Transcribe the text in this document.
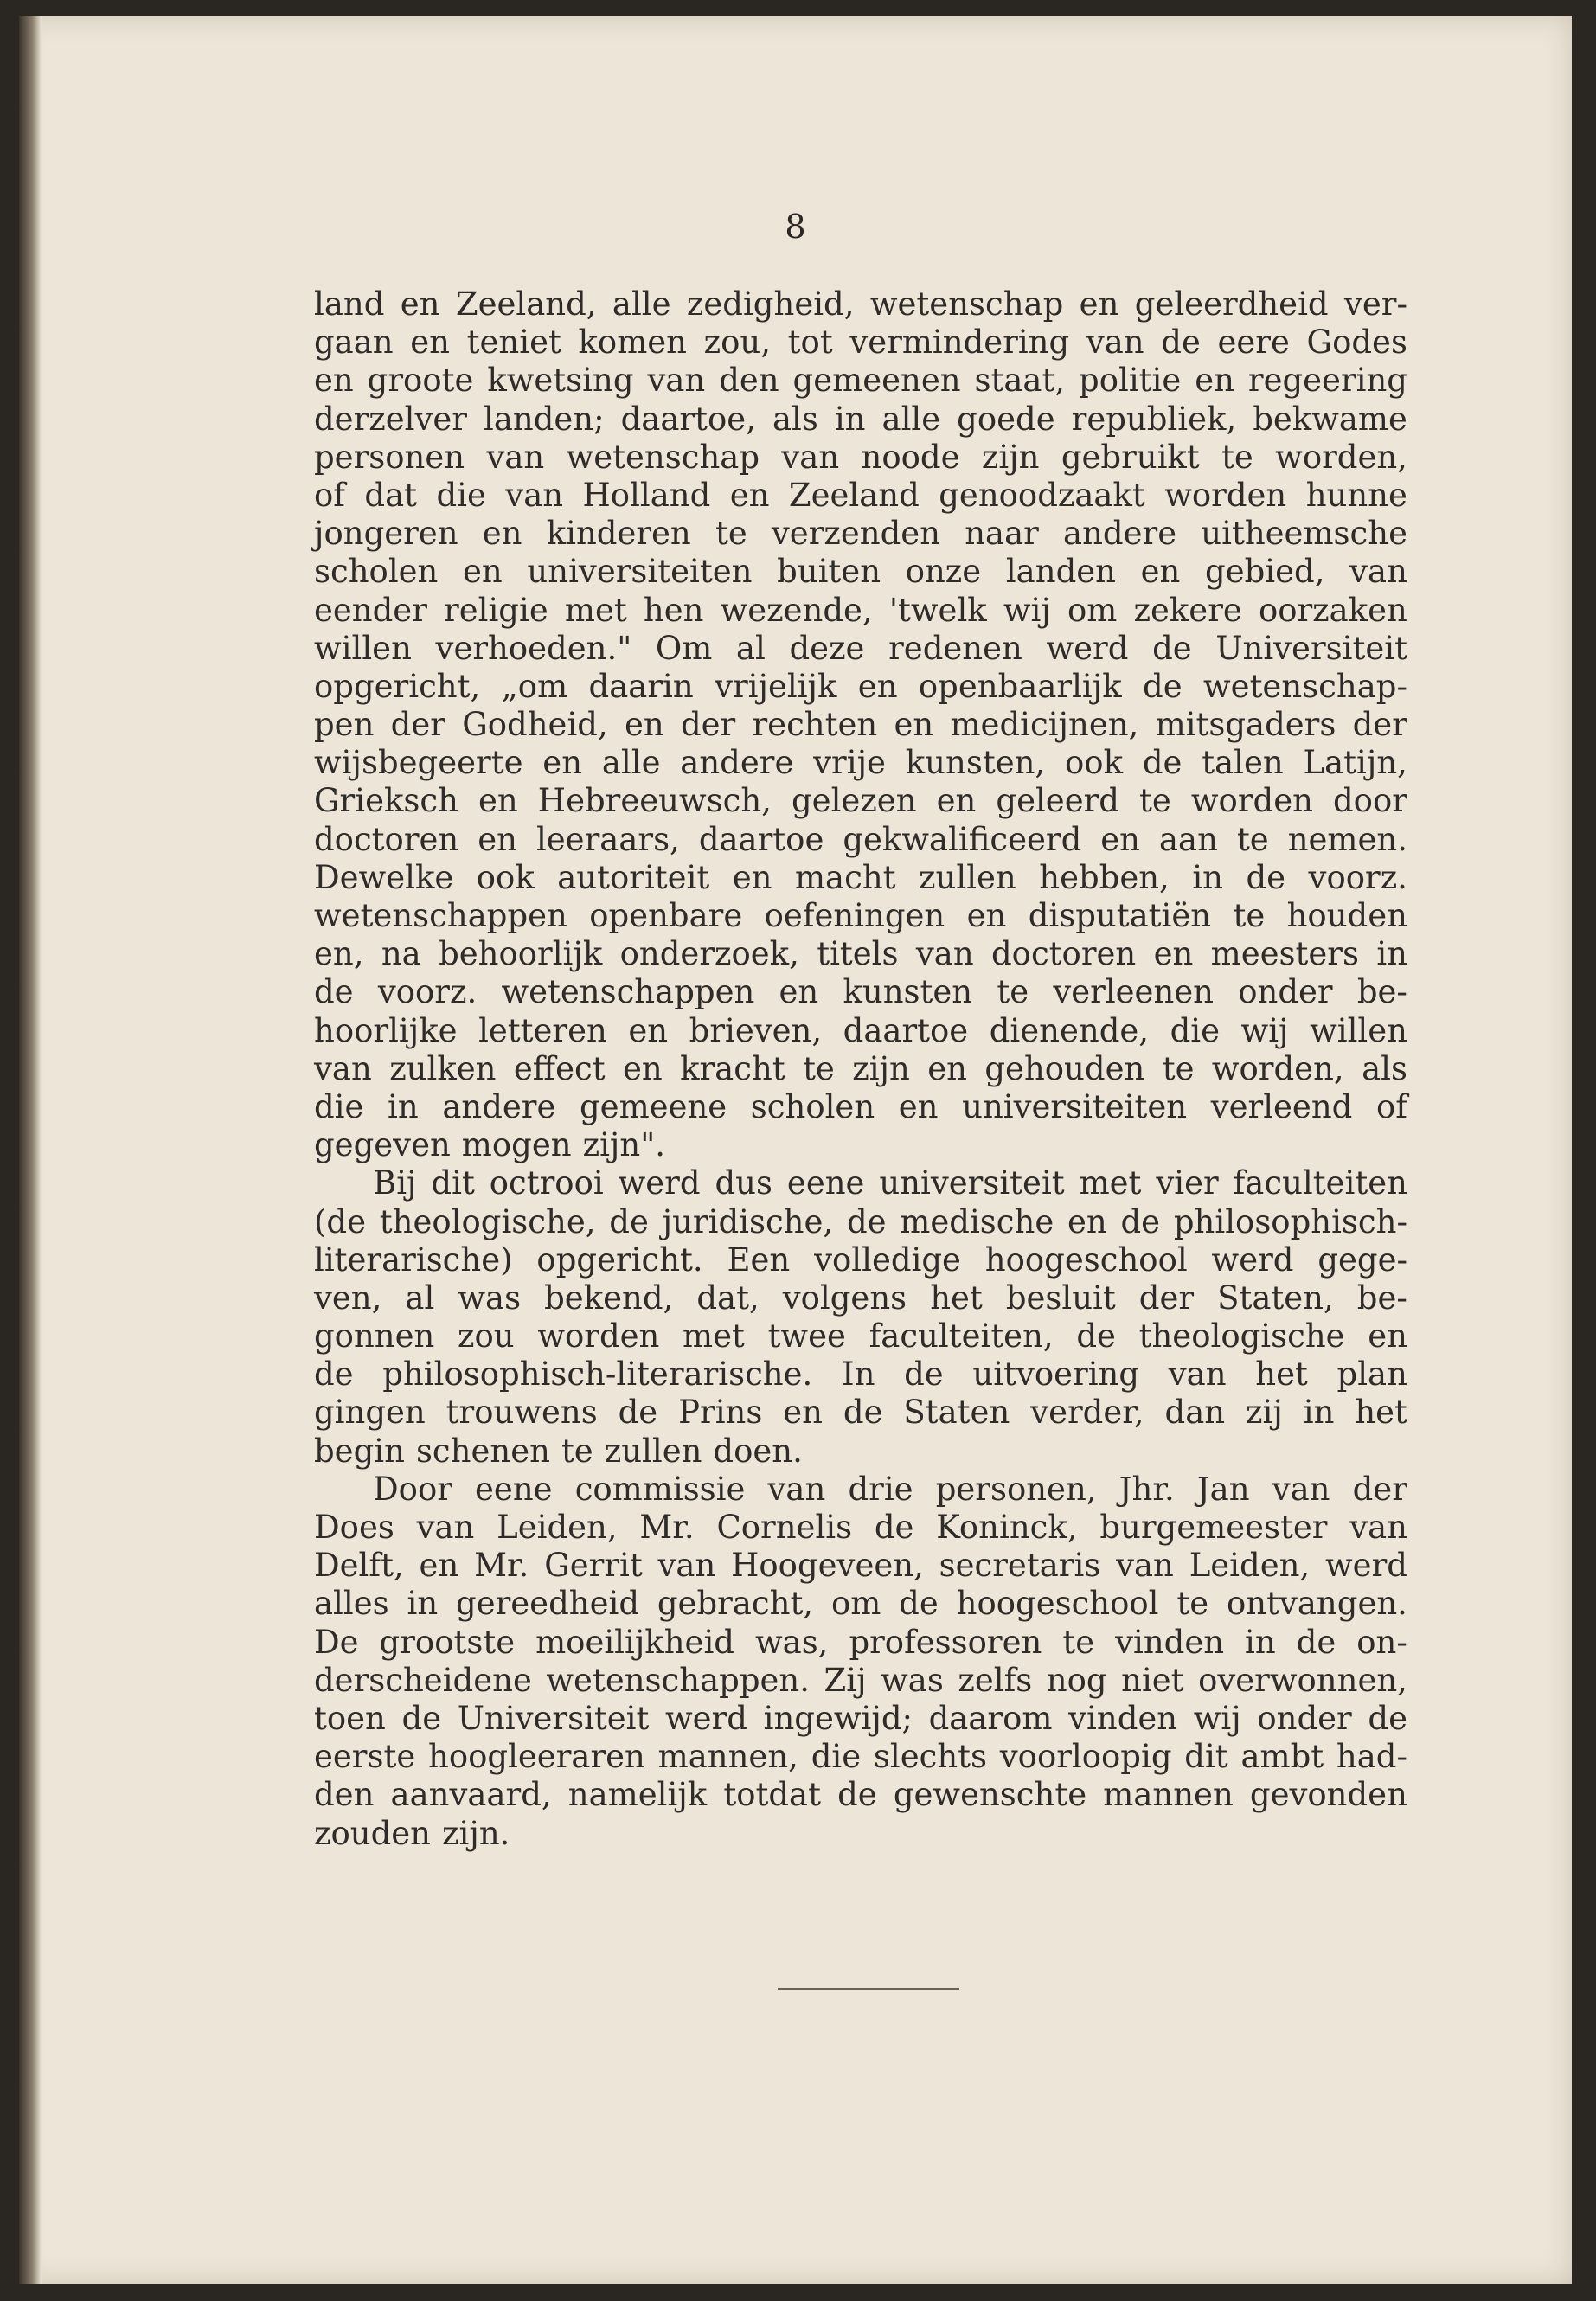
8
land en Zeeland, alle zedigheid, wetenschap en geleerdheid ver-
gaan en teniet komen zou, tot vermindering van de eere Godes
en groote kwetsing van den gemeenen staat, politie en regeering
derzelver landen; daartoe, als in alle goede republiek, bekwame
personen van wetenschap van noode zijn gebruikt te worden,
of dat die van Holland en Zeeland genoodzaakt worden hunne
jongeren en kinderen te verzenden naar andere uitheemsche
scholen en universiteiten buiten onze landen en gebied, van
eender religie met hen wezende, 'twelk wij om zekere oorzaken
willen verhoeden." Om al deze redenen werd de Universiteit
opgericht, „om daarin vrijelijk en openbaarlijk de wetenschap-
pen der Godheid, en der rechten en medicijnen, mitsgaders der
wijsbegeerte en alle andere vrije kunsten, ook de talen Latijn,
Grieksch en Hebreeuwsch, gelezen en geleerd te worden door
doctoren en leeraars, daartoe gekwalificeerd en aan te nemen.
Dewelke ook autoriteit en macht zullen hebben, in de voorz.
wetenschappen openbare oefeningen en disputatiën te houden
en, na behoorlijk onderzoek, titels van doctoren en meesters in
de voorz. wetenschappen en kunsten te verleenen onder be-
hoorlijke letteren en brieven, daartoe dienende, die wij willen
van zulken effect en kracht te zijn en gehouden te worden, als
die in andere gemeene scholen en universiteiten verleend of
gegeven mogen zijn".
Bij dit octrooi werd dus eene universiteit met vier faculteiten
(de theologische, de juridische, de medische en de philosophisch-
literarische) opgericht. Een volledige hoogeschool werd gege-
ven, al was bekend, dat, volgens het besluit der Staten, be-
gonnen zou worden met twee faculteiten, de theologische en
de philosophisch-literarische. In de uitvoering van het plan
gingen trouwens de Prins en de Staten verder, dan zij in het
begin schenen te zullen doen.
Door eene commissie van drie personen, Jhr. Jan van der
Does van Leiden, Mr. Cornelis de Koninck, burgemeester van
Delft, en Mr. Gerrit van Hoogeveen, secretaris van Leiden, werd
alles in gereedheid gebracht, om de hoogeschool te ontvangen.
De grootste moeilijkheid was, professoren te vinden in de on-
derscheidene wetenschappen. Zij was zelfs nog niet overwonnen,
toen de Universiteit werd ingewijd; daarom vinden wij onder de
eerste hoogleeraren mannen, die slechts voorloopig dit ambt had-
den aanvaard, namelijk totdat de gewenschte mannen gevonden
zouden zijn.
